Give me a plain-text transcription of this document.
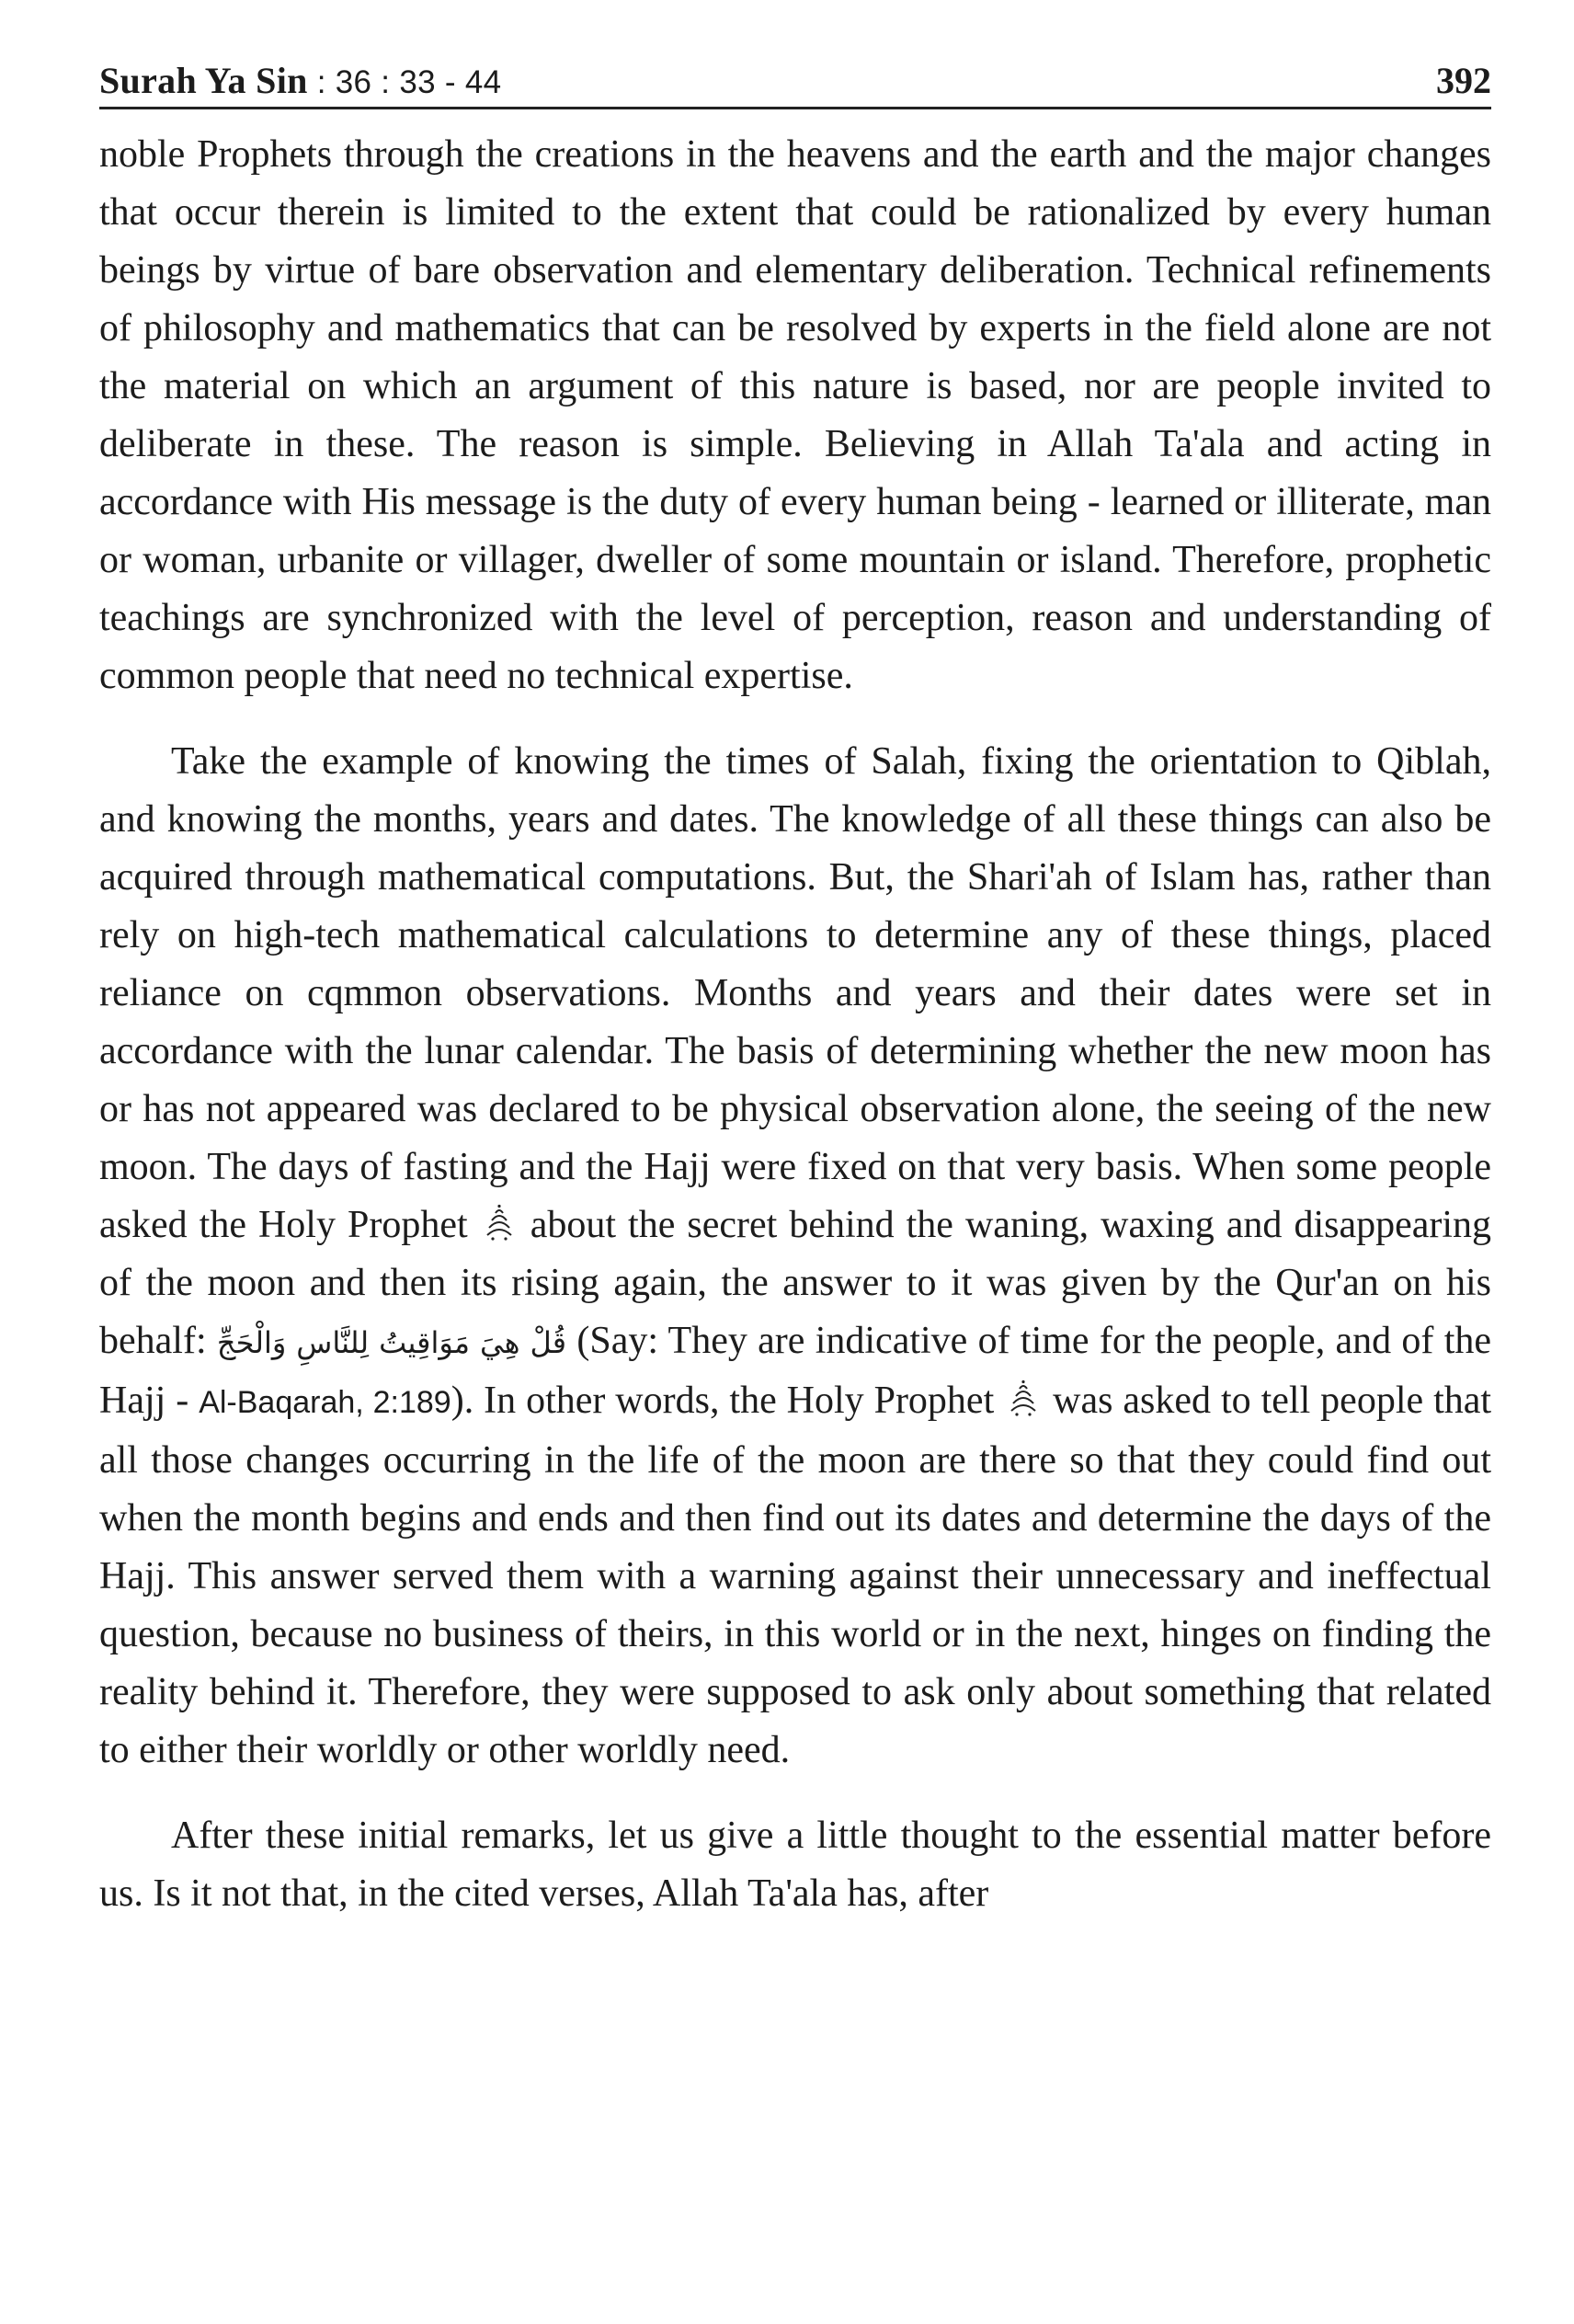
Surah Ya Sin : 36 : 33 - 44	392

noble Prophets through the creations in the heavens and the earth and the major changes that occur therein is limited to the extent that could be rationalized by every human beings by virtue of bare observation and elementary deliberation. Technical refinements of philosophy and mathematics that can be resolved by experts in the field alone are not the material on which an argument of this nature is based, nor are people invited to deliberate in these. The reason is simple. Believing in Allah Ta'ala and acting in accordance with His message is the duty of every human being - learned or illiterate, man or woman, urbanite or villager, dweller of some mountain or island. Therefore, prophetic teachings are synchronized with the level of perception, reason and understanding of common people that need no technical expertise.

Take the example of knowing the times of Salah, fixing the orientation to Qiblah, and knowing the months, years and dates. The knowledge of all these things can also be acquired through mathematical computations. But, the Shari'ah of Islam has, rather than rely on high-tech mathematical calculations to determine any of these things, placed reliance on cqmmon observations. Months and years and their dates were set in accordance with the lunar calendar. The basis of determining whether the new moon has or has not appeared was declared to be physical observation alone, the seeing of the new moon. The days of fasting and the Hajj were fixed on that very basis. When some people asked the Holy Prophet about the secret behind the waning, waxing and disappearing of the moon and then its rising again, the answer to it was given by the Qur'an on his behalf: قُلْ هِيَ مَوَاقِيتُ لِلنَّاسِ وَالْحَجِّ (Say: They are indicative of time for the people, and of the Hajj - Al-Baqarah, 2:189). In other words, the Holy Prophet was asked to tell people that all those changes occurring in the life of the moon are there so that they could find out when the month begins and ends and then find out its dates and determine the days of the Hajj. This answer served them with a warning against their unnecessary and ineffectual question, because no business of theirs, in this world or in the next, hinges on finding the reality behind it. Therefore, they were supposed to ask only about something that related to either their worldly or other worldly need.

After these initial remarks, let us give a little thought to the essential matter before us. Is it not that, in the cited verses, Allah Ta'ala has, after
